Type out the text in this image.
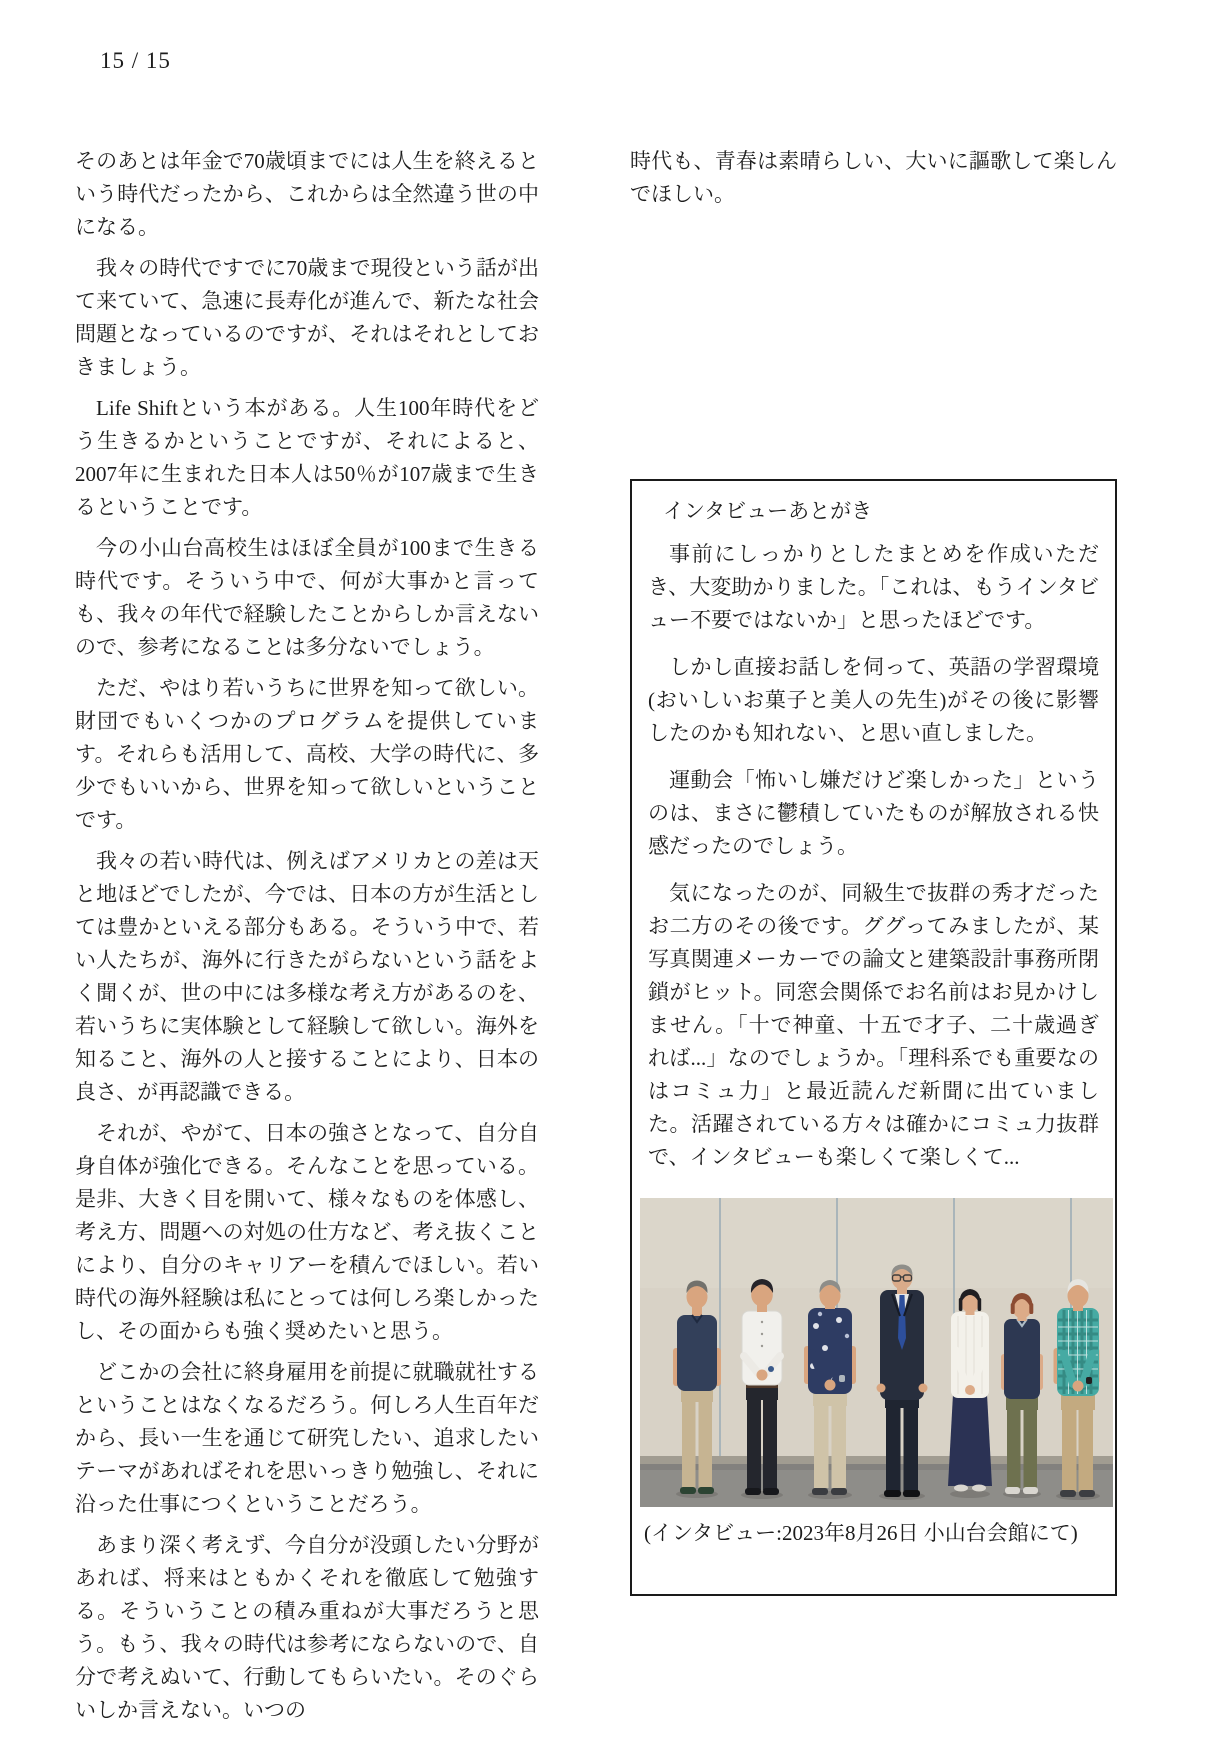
15 / 15

そのあとは年金で70歳頃までには人生を終えるという時代だったから、これからは全然違う世の中になる。

我々の時代ですでに70歳まで現役という話が出て来ていて、急速に長寿化が進んで、新たな社会問題となっているのですが、それはそれとしておきましょう。

Life Shiftという本がある。人生100年時代をどう生きるかということですが、それによると、2007年に生まれた日本人は50％が107歳まで生きるということです。

今の小山台高校生はほぼ全員が100まで生きる時代です。そういう中で、何が大事かと言っても、我々の年代で経験したことからしか言えないので、参考になることは多分ないでしょう。

ただ、やはり若いうちに世界を知って欲しい。財団でもいくつかのプログラムを提供しています。それらも活用して、高校、大学の時代に、多少でもいいから、世界を知って欲しいということです。

我々の若い時代は、例えばアメリカとの差は天と地ほどでしたが、今では、日本の方が生活としては豊かといえる部分もある。そういう中で、若い人たちが、海外に行きたがらないという話をよく聞くが、世の中には多様な考え方があるのを、若いうちに実体験として経験して欲しい。海外を知ること、海外の人と接することにより、日本の良さ、が再認識できる。

それが、やがて、日本の強さとなって、自分自身自体が強化できる。そんなことを思っている。是非、大きく目を開いて、様々なものを体感し、考え方、問題への対処の仕方など、考え抜くことにより、自分のキャリアーを積んでほしい。若い時代の海外経験は私にとっては何しろ楽しかったし、その面からも強く奨めたいと思う。

どこかの会社に終身雇用を前提に就職就社するということはなくなるだろう。何しろ人生百年だから、長い一生を通じて研究したい、追求したいテーマがあればそれを思いっきり勉強し、それに沿った仕事につくということだろう。

あまり深く考えず、今自分が没頭したい分野があれば、将来はともかくそれを徹底して勉強する。そういうことの積み重ねが大事だろうと思う。もう、我々の時代は参考にならないので、自分で考えぬいて、行動してもらいたい。そのぐらいしか言えない。いつの

時代も、青春は素晴らしい、大いに謳歌して楽しんでほしい。

インタビューあとがき

事前にしっかりとしたまとめを作成いただき、大変助かりました。「これは、もうインタビュー不要ではないか」と思ったほどです。

しかし直接お話しを伺って、英語の学習環境(おいしいお菓子と美人の先生)がその後に影響したのかも知れない、と思い直しました。

運動会「怖いし嫌だけど楽しかった」というのは、まさに鬱積していたものが解放される快感だったのでしょう。

気になったのが、同級生で抜群の秀才だったお二方のその後です。ググってみましたが、某写真関連メーカーでの論文と建築設計事務所閉鎖がヒット。同窓会関係でお名前はお見かけしません。「十で神童、十五で才子、二十歳過ぎれば...」なのでしょうか。「理科系でも重要なのはコミュ力」と最近読んだ新聞に出ていました。活躍されている方々は確かにコミュ力抜群で、インタビューも楽しくて楽しくて...

(インタビュー:2023年8月26日 小山台会館にて)
